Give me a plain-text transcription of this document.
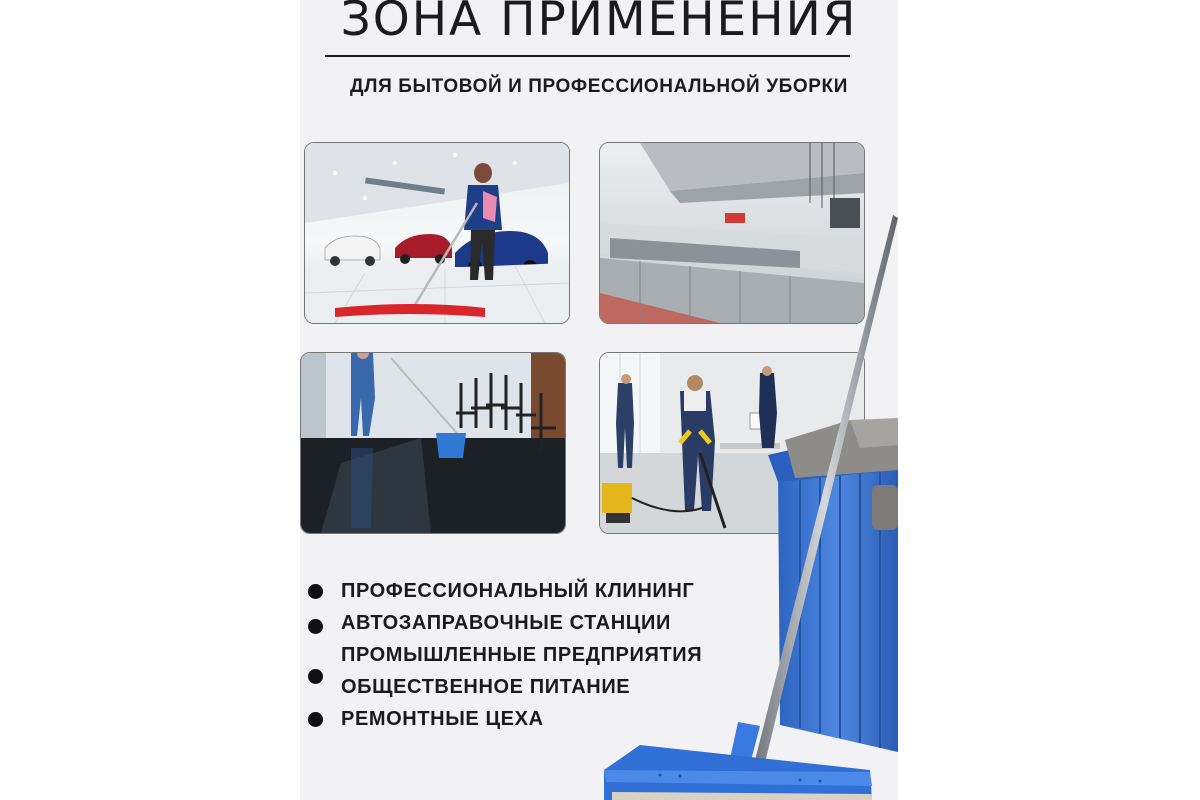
ЗОНА ПРИМЕНЕНИЯ

ДЛЯ БЫТОВОЙ И ПРОФЕССИОНАЛЬНОЙ УБОРКИ

ПРОФЕССИОНАЛЬНЫЙ КЛИНИНГ
АВТОЗАПРАВОЧНЫЕ СТАНЦИИ
ПРОМЫШЛЕННЫЕ ПРЕДПРИЯТИЯ
ОБЩЕСТВЕННОЕ ПИТАНИЕ
РЕМОНТНЫЕ ЦЕХА
